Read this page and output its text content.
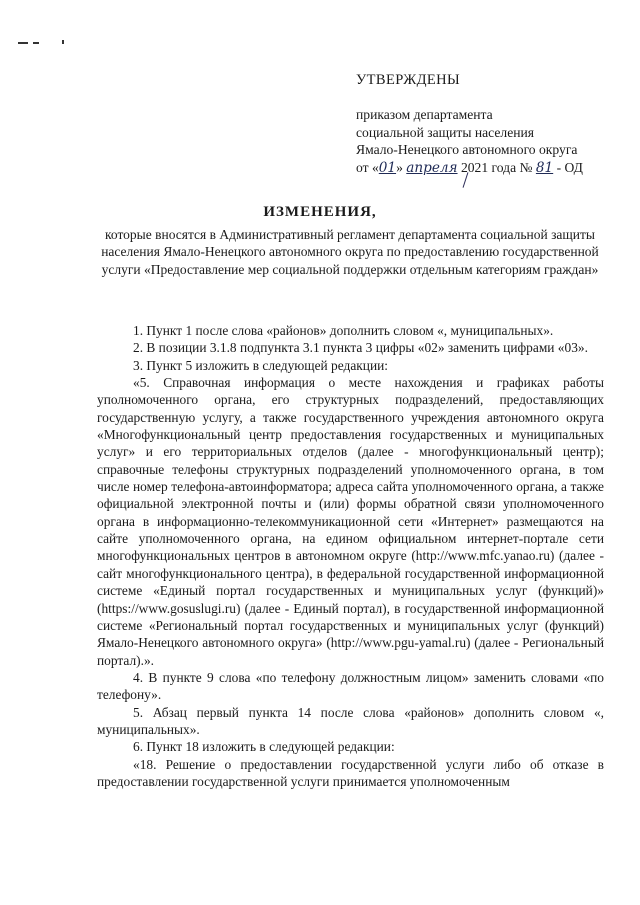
УТВЕРЖДЕНЫ
приказом департамента
социальной защиты населения
Ямало-Ненецкого автономного округа
от «01» апреля 2021 года № 81 - ОД
ИЗМЕНЕНИЯ,
которые вносятся в Административный регламент департамента социальной защиты населения Ямало-Ненецкого автономного округа по предоставлению государственной услуги «Предоставление мер социальной поддержки отдельным категориям граждан»

1. Пункт 1 после слова «районов» дополнить словом «, муниципальных».

2. В позиции 3.1.8 подпункта 3.1 пункта 3 цифры «02» заменить цифрами «03».

3. Пункт 5 изложить в следующей редакции:

«5. Справочная информация о месте нахождения и графиках работы уполномоченного органа, его структурных подразделений, предоставляющих государственную услугу, а также государственного учреждения автономного округа «Многофункциональный центр предоставления государственных и муниципальных услуг» и его территориальных отделов (далее - многофункциональный центр); справочные телефоны структурных подразделений уполномоченного органа, в том числе номер телефона-автоинформатора; адреса сайта уполномоченного органа, а также официальной электронной почты и (или) формы обратной связи уполномоченного органа в информационно-телекоммуникационной сети «Интернет» размещаются на сайте уполномоченного органа, на едином официальном интернет-портале сети многофункциональных центров в автономном округе (http://www.mfc.yanao.ru) (далее - сайт многофункционального центра), в федеральной государственной информационной системе «Единый портал государственных и муниципальных услуг (функций)» (https://www.gosuslugi.ru) (далее - Единый портал), в государственной информационной системе «Региональный портал государственных и муниципальных услуг (функций) Ямало-Ненецкого автономного округа» (http://www.pgu-yamal.ru) (далее - Региональный портал).».

4. В пункте 9 слова «по телефону должностным лицом» заменить словами «по телефону».

5. Абзац первый пункта 14 после слова «районов» дополнить словом «, муниципальных».

6. Пункт 18 изложить в следующей редакции:

«18. Решение о предоставлении государственной услуги либо об отказе в предоставлении государственной услуги принимается уполномоченным
